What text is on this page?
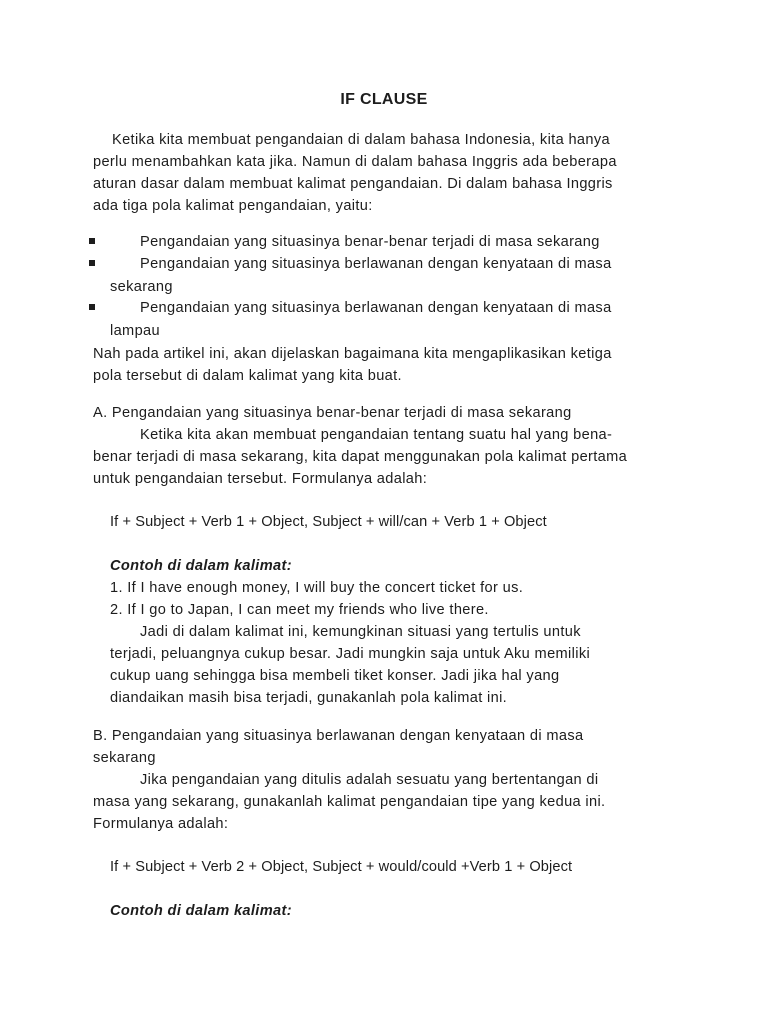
IF CLAUSE
Ketika kita membuat pengandaian di dalam bahasa Indonesia, kita hanya
perlu menambahkan kata jika. Namun di dalam bahasa Inggris ada beberapa
aturan dasar dalam membuat kalimat pengandaian. Di dalam bahasa Inggris
ada tiga pola kalimat pengandaian, yaitu:
Pengandaian yang situasinya benar-benar terjadi di masa sekarang
Pengandaian yang situasinya berlawanan dengan kenyataan di masa
sekarang
Pengandaian yang situasinya berlawanan dengan kenyataan di masa
lampau
Nah pada artikel ini, akan dijelaskan bagaimana kita mengaplikasikan ketiga
pola tersebut di dalam kalimat yang kita buat.
A. Pengandaian yang situasinya benar-benar terjadi di masa sekarang
Ketika kita akan membuat pengandaian tentang suatu hal yang bena-
benar terjadi di masa sekarang, kita dapat menggunakan pola kalimat pertama
untuk pengandaian tersebut. Formulanya adalah:
If + Subject + Verb 1 + Object, Subject + will/can + Verb 1 + Object
Contoh di dalam kalimat:
1. If I have enough money, I will buy the concert ticket for us.
2. If I go to Japan, I can meet my friends who live there.
Jadi di dalam kalimat ini, kemungkinan situasi yang tertulis untuk
terjadi, peluangnya cukup besar. Jadi mungkin saja untuk Aku memiliki
cukup uang sehingga bisa membeli tiket konser. Jadi jika hal yang
diandaikan masih bisa terjadi, gunakanlah pola kalimat ini.
B. Pengandaian yang situasinya berlawanan dengan kenyataan di masa
sekarang
Jika pengandaian yang ditulis adalah sesuatu yang bertentangan di
masa yang sekarang, gunakanlah kalimat pengandaian tipe yang kedua ini.
Formulanya adalah:
If + Subject + Verb 2 + Object, Subject + would/could +Verb 1 + Object
Contoh di dalam kalimat:
